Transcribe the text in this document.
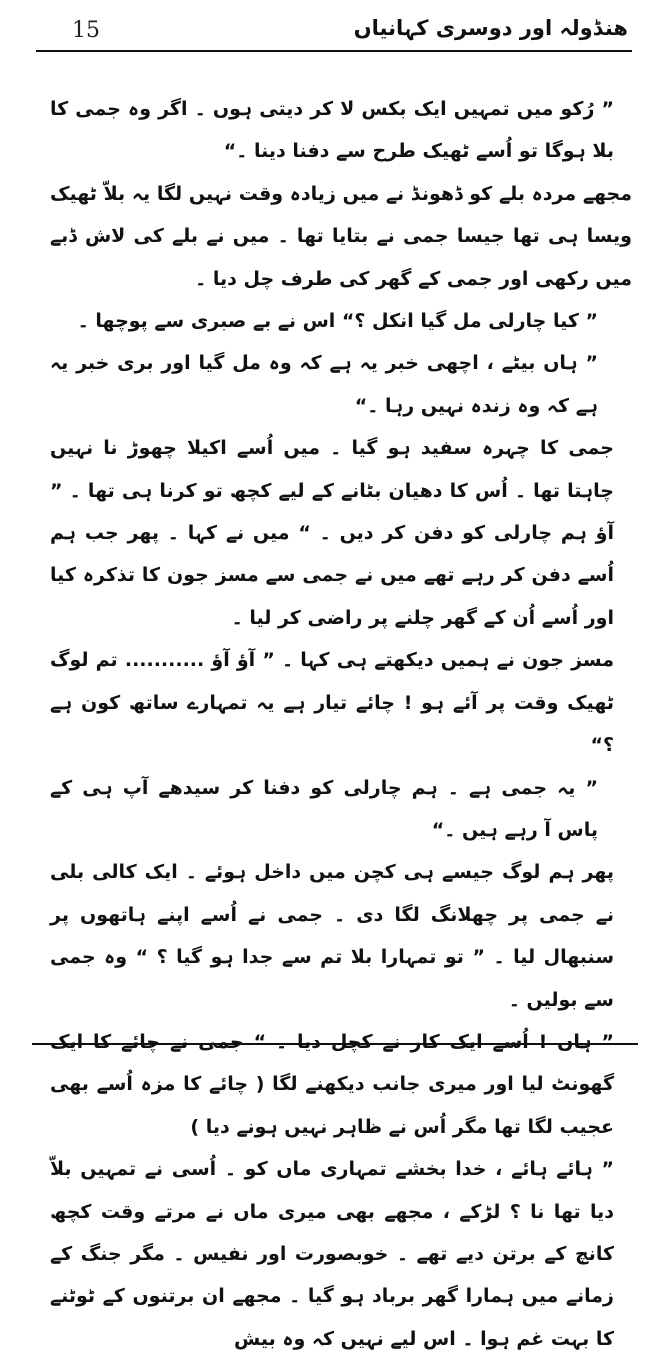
15	هنڈولہ اور دوسری کہانیاں

” رُکو میں تمہیں ایک بکس لا کر دیتی ہوں ۔ اگر وہ جمی کا بلا ہوگا تو اُسے ٹھیک طرح سے دفنا دینا ۔“

مجھے مردہ بلے کو ڈھونڈ نے میں زیادہ وقت نہیں لگا یہ بلاّ ٹھیک ویسا ہی تھا جیسا جمی نے بتایا تھا ۔ میں نے بلے کی لاش ڈبے میں رکھی اور جمی کے گھر کی طرف چل دیا ۔

” کیا چارلی مل گیا انکل ؟“ اس نے بے صبری سے پوچھا ۔

” ہاں بیٹے ، اچھی خبر یہ ہے کہ وہ مل گیا اور بری خبر یہ ہے کہ وہ زندہ نہیں رہا ۔“

جمی کا چہرہ سفید ہو گیا ۔ میں اُسے اکیلا چھوڑ نا نہیں چاہتا تھا ۔ اُس کا دھیان بٹانے کے لیے کچھ تو کرنا ہی تھا ۔ ” آؤ ہم چارلی کو دفن کر دیں ۔ “ میں نے کہا ۔ پھر جب ہم اُسے دفن کر رہے تھے میں نے جمی سے مسز جون کا تذکرہ کیا اور اُسے اُن کے گھر چلنے پر راضی کر لیا ۔

مسز جون نے ہمیں دیکھتے ہی کہا ۔ ” آؤ آؤ ........... تم لوگ ٹھیک وقت پر آئے ہو ! چائے تیار ہے یہ تمہارے ساتھ کون ہے ؟“

” یہ جمی ہے ۔ ہم چارلی کو دفنا کر سیدھے آپ ہی کے پاس آ رہے ہیں ۔“

پھر ہم لوگ جیسے ہی کچن میں داخل ہوئے ۔ ایک کالی بلی نے جمی پر چھلانگ لگا دی ۔ جمی نے اُسے اپنے ہاتھوں پر سنبھال لیا ۔ ” تو تمہارا بلا تم سے جدا ہو گیا ؟ “ وہ جمی سے بولیں ۔

” ہاں ! اُسے ایک کار نے کچل دیا ۔ “ جمی نے چائے کا ایک گھونٹ لیا اور میری جانب دیکھنے لگا ( چائے کا مزہ اُسے بھی عجیب لگا تھا مگر اُس نے ظاہر نہیں ہونے دیا )

” ہائے ہائے ، خدا بخشے تمہاری ماں کو ۔ اُسی نے تمہیں بلاّ دیا تھا نا ؟ لڑکے ، مجھے بھی میری ماں نے مرتے وقت کچھ کانچ کے برتن دیے تھے ۔ خوبصورت اور نفیس ۔ مگر جنگ کے زمانے میں ہمارا گھر برباد ہو گیا ۔ مجھے ان برتنوں کے ٹوٹنے کا بہت غم ہوا ۔ اس لیے نہیں کہ وہ بیش
